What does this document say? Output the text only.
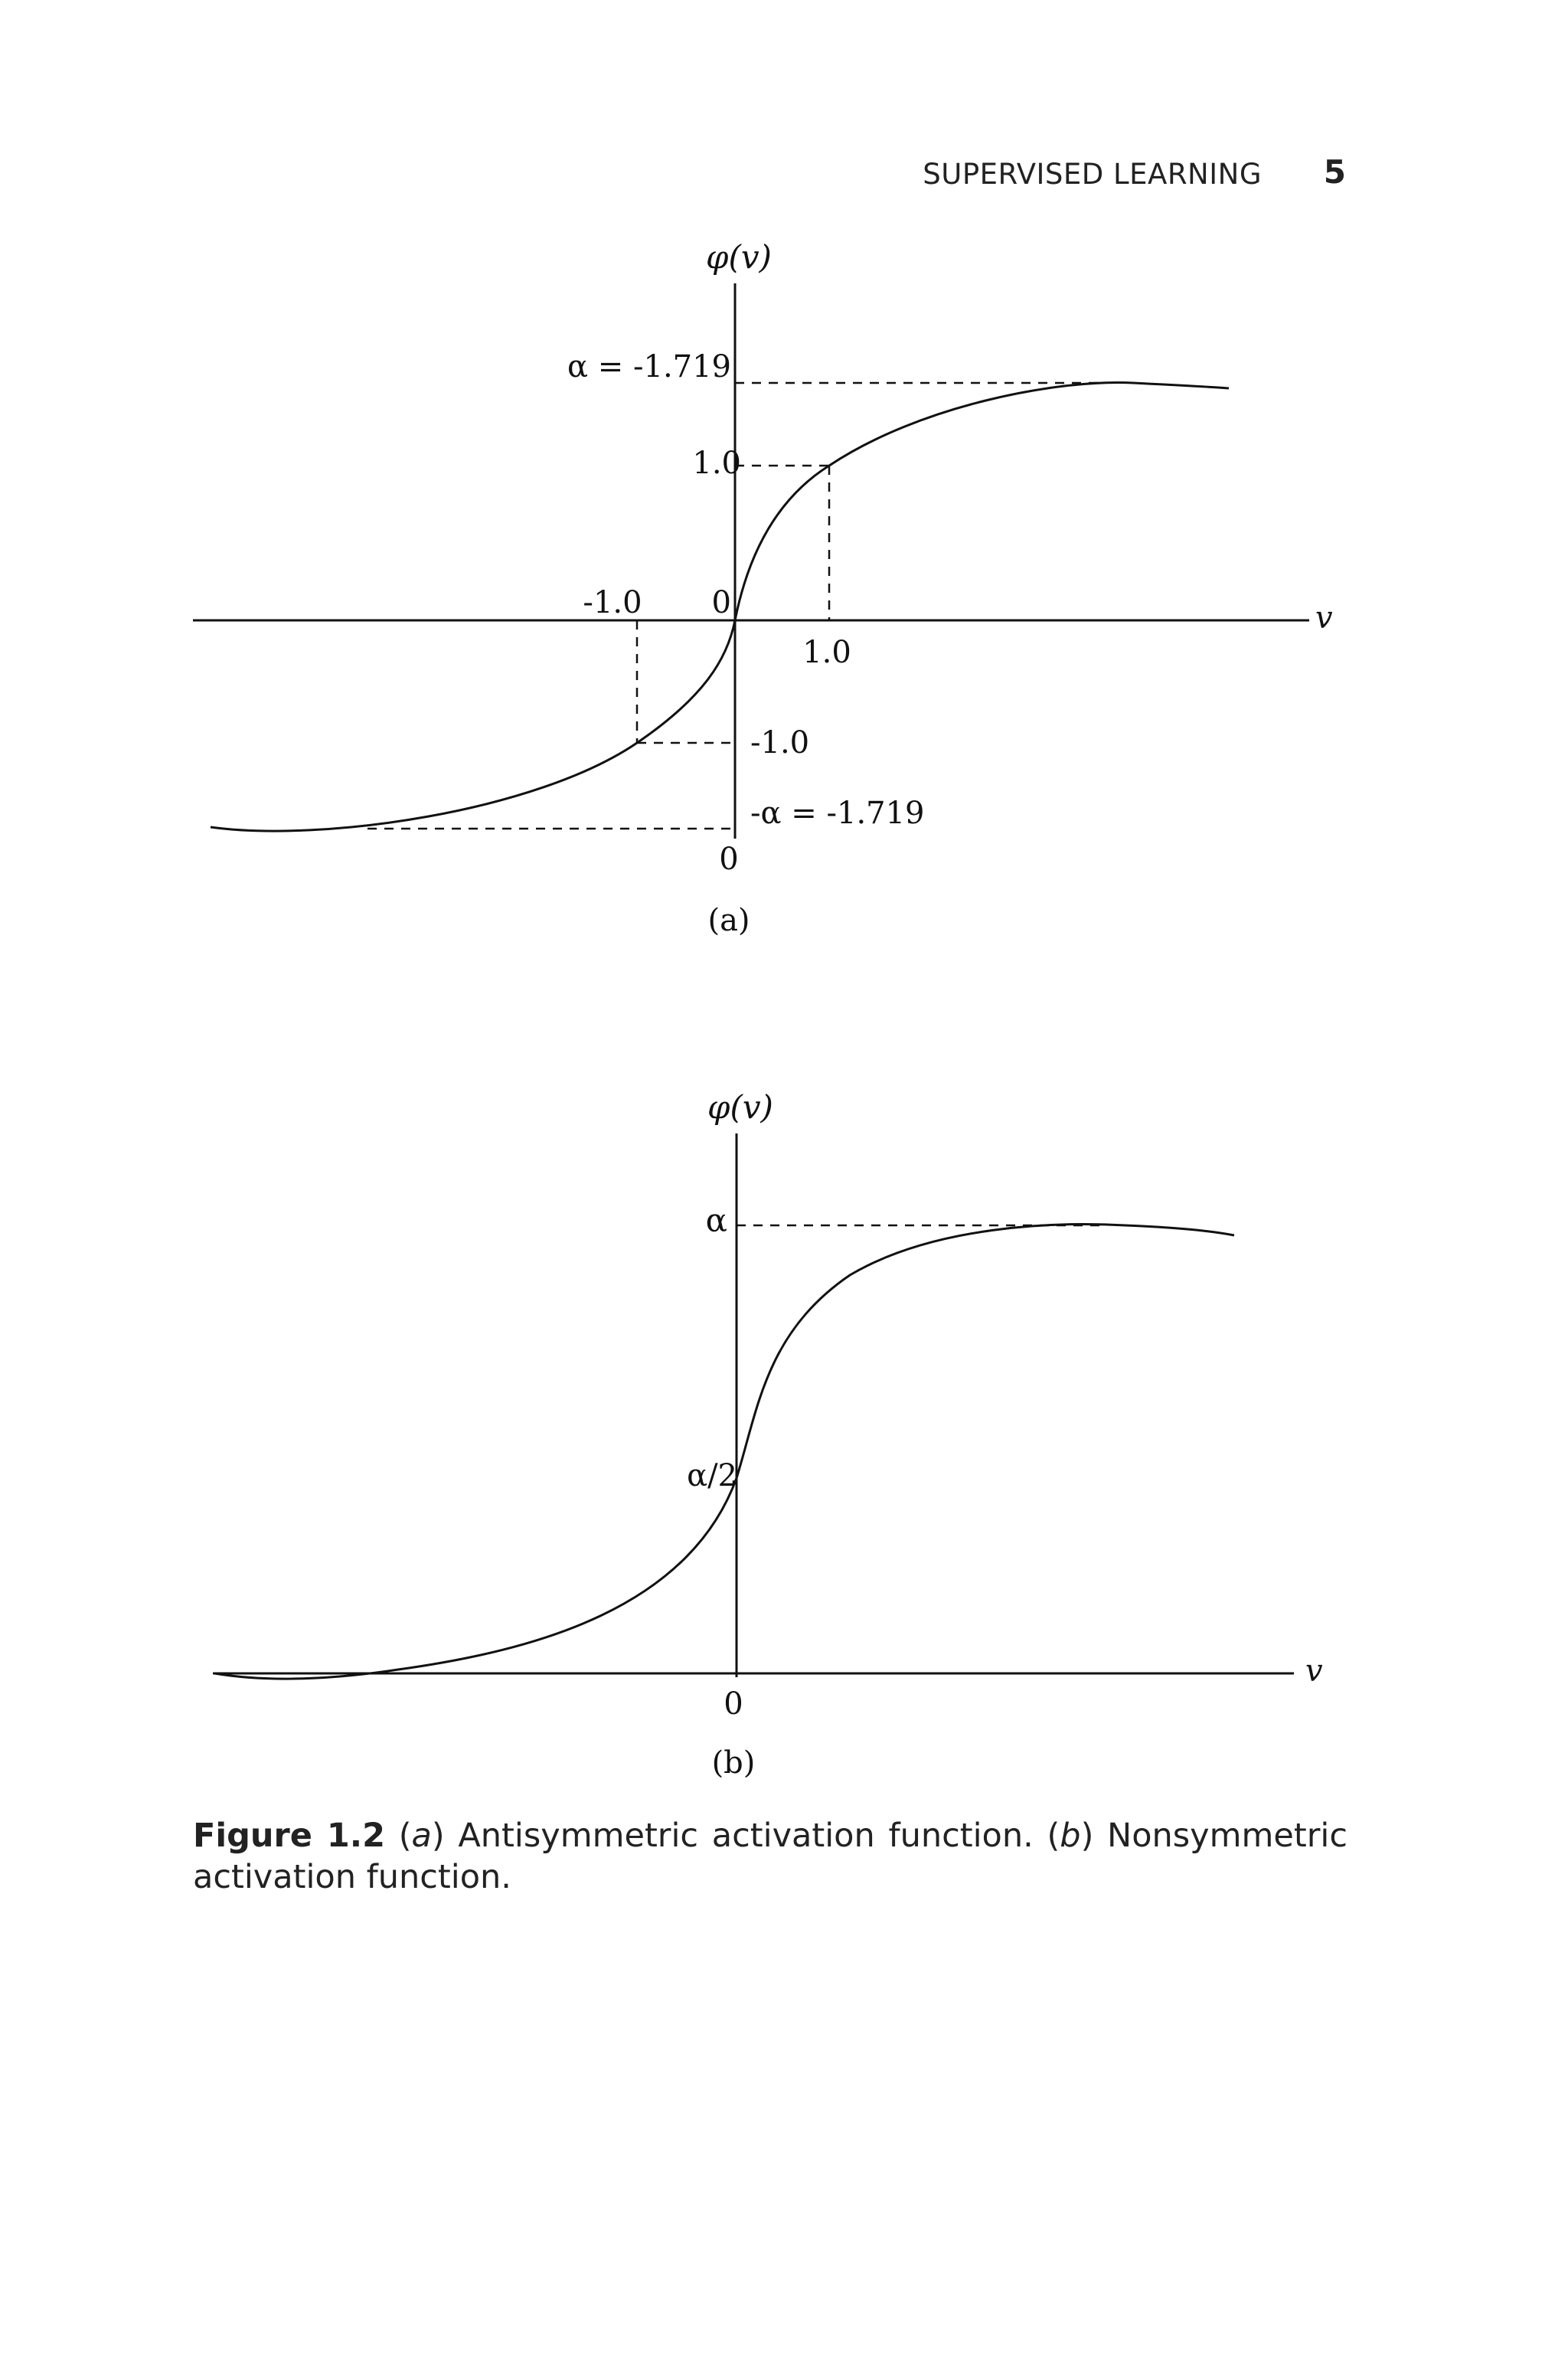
SUPERVISED LEARNING 5
φ(v)
v
α = -1.719
1.0
0
-1.0
1.0
-1.0
-α = -1.719
0
(a)
φ(v)
v
α
α/2
0
(b)
Figure 1.2 (a) Antisymmetric activation function. (b) Nonsymmetric activation function.
